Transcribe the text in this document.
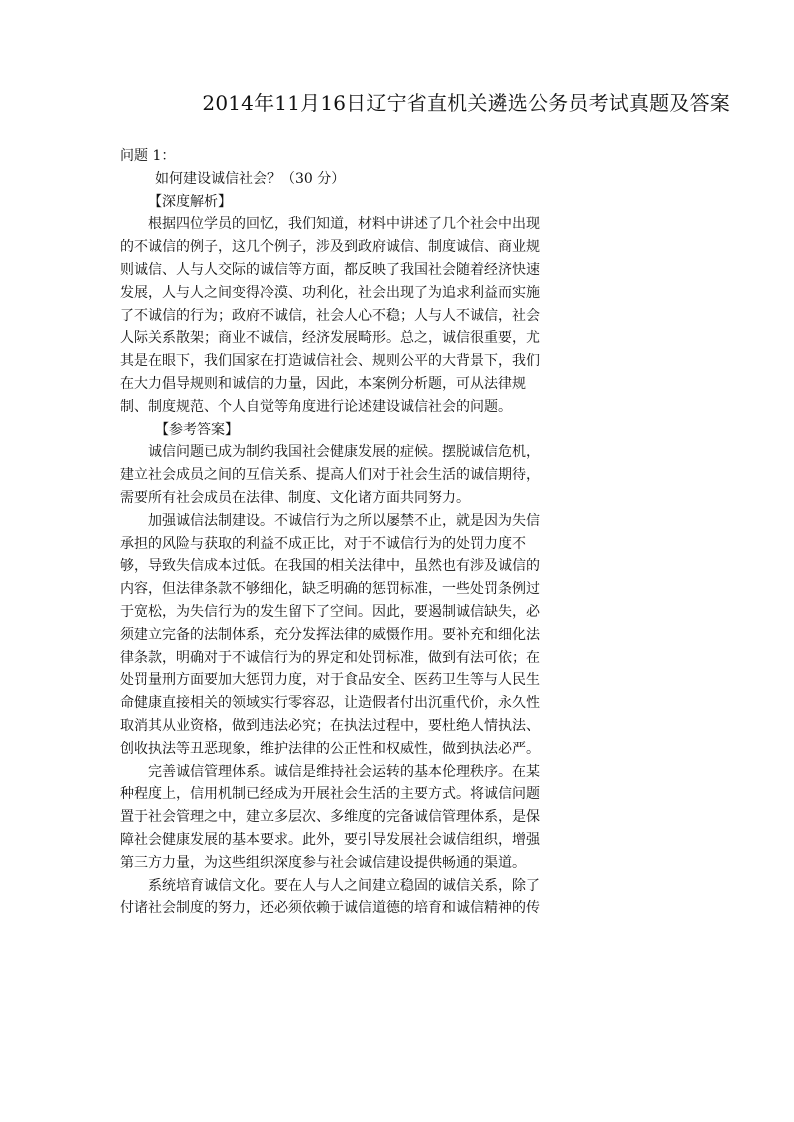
2014年11月16日辽宁省直机关遴选公务员考试真题及答案

问题 1：

如何建设诚信社会？（30 分）

【深度解析】

根据四位学员的回忆，我们知道，材料中讲述了几个社会中出现的不诚信的例子，这几个例子，涉及到政府诚信、制度诚信、商业规则诚信、人与人交际的诚信等方面，都反映了我国社会随着经济快速发展，人与人之间变得冷漠、功利化，社会出现了为追求利益而实施了不诚信的行为；政府不诚信，社会人心不稳；人与人不诚信，社会人际关系散架；商业不诚信，经济发展畸形。总之，诚信很重要，尤其是在眼下，我们国家在打造诚信社会、规则公平的大背景下，我们在大力倡导规则和诚信的力量，因此，本案例分析题，可从法律规制、制度规范、个人自觉等角度进行论述建设诚信社会的问题。

【参考答案】

诚信问题已成为制约我国社会健康发展的症候。摆脱诚信危机，建立社会成员之间的互信关系、提高人们对于社会生活的诚信期待，需要所有社会成员在法律、制度、文化诸方面共同努力。

加强诚信法制建设。不诚信行为之所以屡禁不止，就是因为失信承担的风险与获取的利益不成正比，对于不诚信行为的处罚力度不够，导致失信成本过低。在我国的相关法律中，虽然也有涉及诚信的内容，但法律条款不够细化，缺乏明确的惩罚标准，一些处罚条例过于宽松，为失信行为的发生留下了空间。因此，要遏制诚信缺失，必须建立完备的法制体系，充分发挥法律的威慑作用。要补充和细化法律条款，明确对于不诚信行为的界定和处罚标准，做到有法可依；在处罚量刑方面要加大惩罚力度，对于食品安全、医药卫生等与人民生命健康直接相关的领域实行零容忍，让造假者付出沉重代价，永久性取消其从业资格，做到违法必究；在执法过程中，要杜绝人情执法、创收执法等丑恶现象，维护法律的公正性和权威性，做到执法必严。

完善诚信管理体系。诚信是维持社会运转的基本伦理秩序。在某种程度上，信用机制已经成为开展社会生活的主要方式。将诚信问题置于社会管理之中，建立多层次、多维度的完备诚信管理体系，是保障社会健康发展的基本要求。此外，要引导发展社会诚信组织，增强第三方力量，为这些组织深度参与社会诚信建设提供畅通的渠道。

系统培育诚信文化。要在人与人之间建立稳固的诚信关系，除了付诸社会制度的努力，还必须依赖于诚信道德的培育和诚信精神的传
